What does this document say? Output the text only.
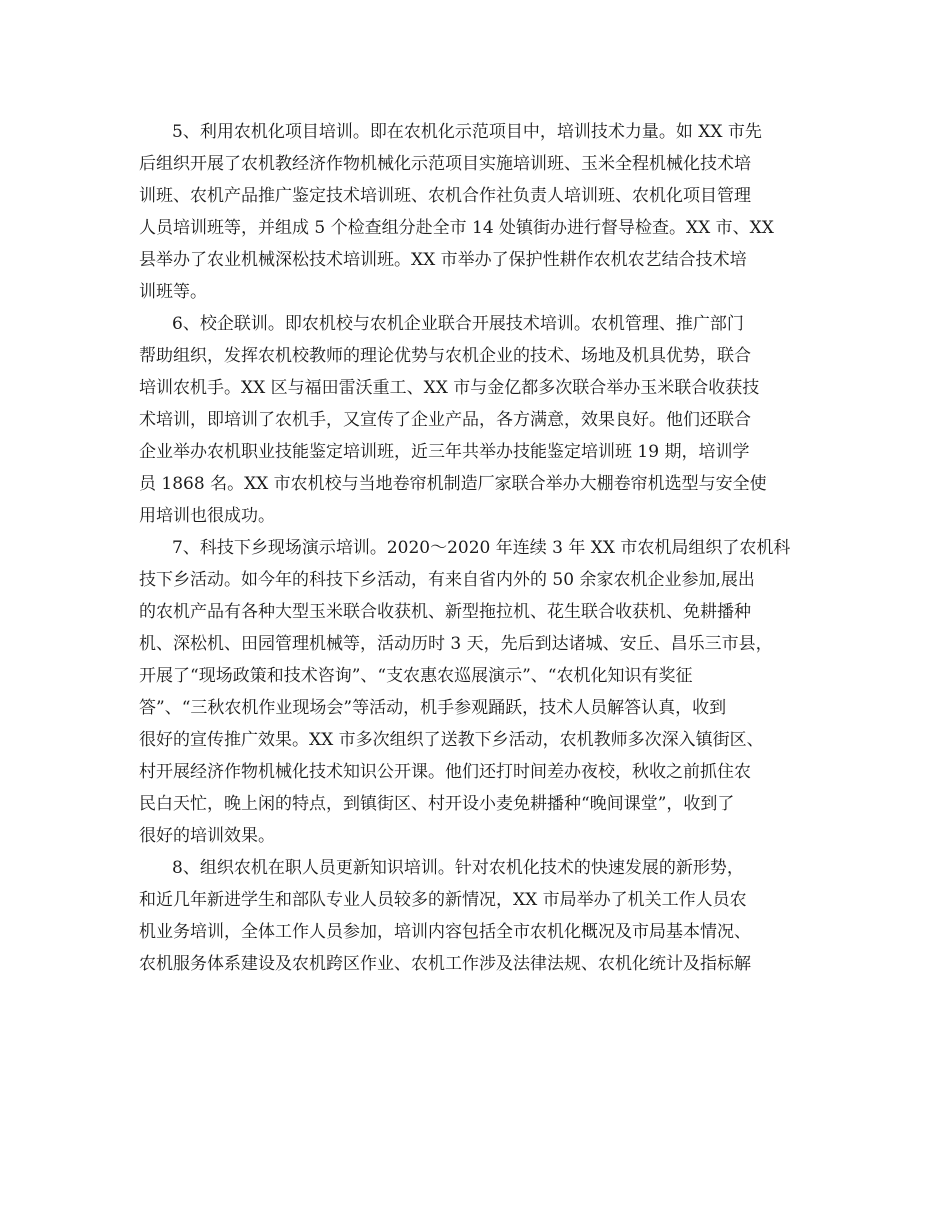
5、利用农机化项目培训。即在农机化示范项目中，培训技术力量。如 XX 市先
后组织开展了农机教经济作物机械化示范项目实施培训班、玉米全程机械化技术培
训班、农机产品推广鉴定技术培训班、农机合作社负责人培训班、农机化项目管理
人员培训班等，并组成 5 个检查组分赴全市 14 处镇街办进行督导检查。XX 市、XX
县举办了农业机械深松技术培训班。XX 市举办了保护性耕作农机农艺结合技术培
训班等。
6、校企联训。即农机校与农机企业联合开展技术培训。农机管理、推广部门
帮助组织，发挥农机校教师的理论优势与农机企业的技术、场地及机具优势，联合
培训农机手。XX 区与福田雷沃重工、XX 市与金亿都多次联合举办玉米联合收获技
术培训，即培训了农机手，又宣传了企业产品，各方满意，效果良好。他们还联合
企业举办农机职业技能鉴定培训班，近三年共举办技能鉴定培训班 19 期，培训学
员 1868 名。XX 市农机校与当地卷帘机制造厂家联合举办大棚卷帘机选型与安全使
用培训也很成功。
7、科技下乡现场演示培训。2020～2020 年连续 3 年 XX 市农机局组织了农机科
技下乡活动。如今年的科技下乡活动，有来自省内外的 50 余家农机企业参加,展出
的农机产品有各种大型玉米联合收获机、新型拖拉机、花生联合收获机、免耕播种
机、深松机、田园管理机械等，活动历时 3 天，先后到达诸城、安丘、昌乐三市县，
开展了“现场政策和技术咨询”、“支农惠农巡展演示”、“农机化知识有奖征
答”、“三秋农机作业现场会”等活动，机手参观踊跃，技术人员解答认真，收到
很好的宣传推广效果。XX 市多次组织了送教下乡活动，农机教师多次深入镇街区、
村开展经济作物机械化技术知识公开课。他们还打时间差办夜校，秋收之前抓住农
民白天忙，晚上闲的特点，到镇街区、村开设小麦免耕播种“晚间课堂”，收到了
很好的培训效果。
8、组织农机在职人员更新知识培训。针对农机化技术的快速发展的新形势，
和近几年新进学生和部队专业人员较多的新情况，XX 市局举办了机关工作人员农
机业务培训，全体工作人员参加，培训内容包括全市农机化概况及市局基本情况、
农机服务体系建设及农机跨区作业、农机工作涉及法律法规、农机化统计及指标解
